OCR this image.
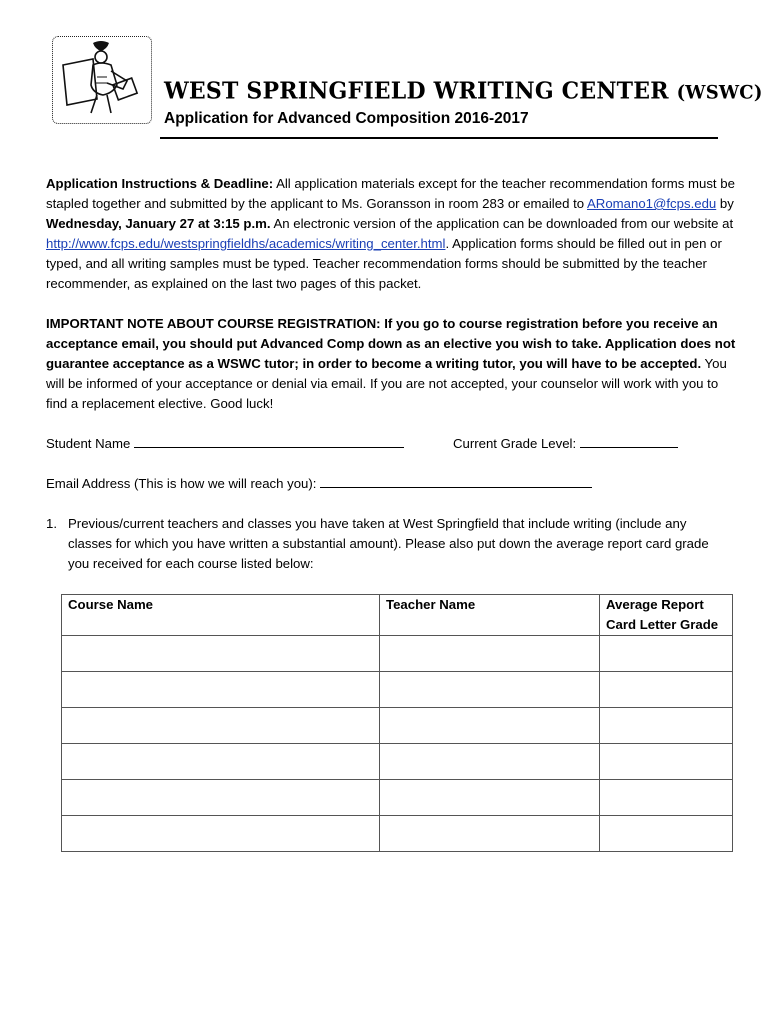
WEST SPRINGFIELD WRITING CENTER (WSWC)
Application for Advanced Composition 2016-2017

Application Instructions & Deadline: All application materials except for the teacher recommendation forms must be stapled together and submitted by the applicant to Ms. Goransson in room 283 or emailed to ARomano1@fcps.edu by Wednesday, January 27 at 3:15 p.m. An electronic version of the application can be downloaded from our website at http://www.fcps.edu/westspringfieldhs/academics/writing_center.html. Application forms should be filled out in pen or typed, and all writing samples must be typed. Teacher recommendation forms should be submitted by the teacher recommender, as explained on the last two pages of this packet.

IMPORTANT NOTE ABOUT COURSE REGISTRATION: If you go to course registration before you receive an acceptance email, you should put Advanced Comp down as an elective you wish to take. Application does not guarantee acceptance as a WSWC tutor; in order to become a writing tutor, you will have to be accepted. You will be informed of your acceptance or denial via email. If you are not accepted, your counselor will work with you to find a replacement elective. Good luck!

Student Name	Current Grade Level:
Email Address (This is how we will reach you):
1. Previous/current teachers and classes you have taken at West Springfield that include writing (include any classes for which you have written a substantial amount). Please also put down the average report card grade you received for each course listed below:

Course Name	Teacher Name	Average Report Card Letter Grade
